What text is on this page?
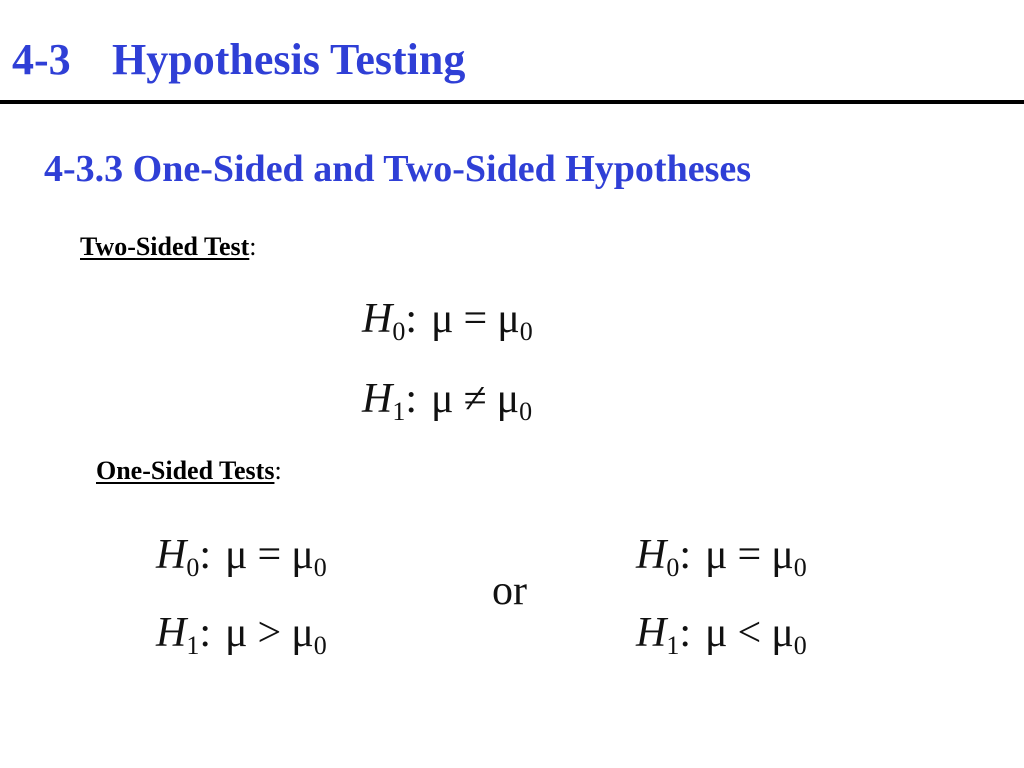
4-3 Hypothesis Testing
4-3.3 One-Sided and Two-Sided Hypotheses
Two-Sided Test:
$H_0$: $\mu = \mu_0$
$H_1$: $\mu \ne \mu_0$
One-Sided Tests:
$H_0$: $\mu = \mu_0$
$H_1$: $\mu > \mu_0$
or
$H_0$: $\mu = \mu_0$
$H_1$: $\mu < \mu_0$
